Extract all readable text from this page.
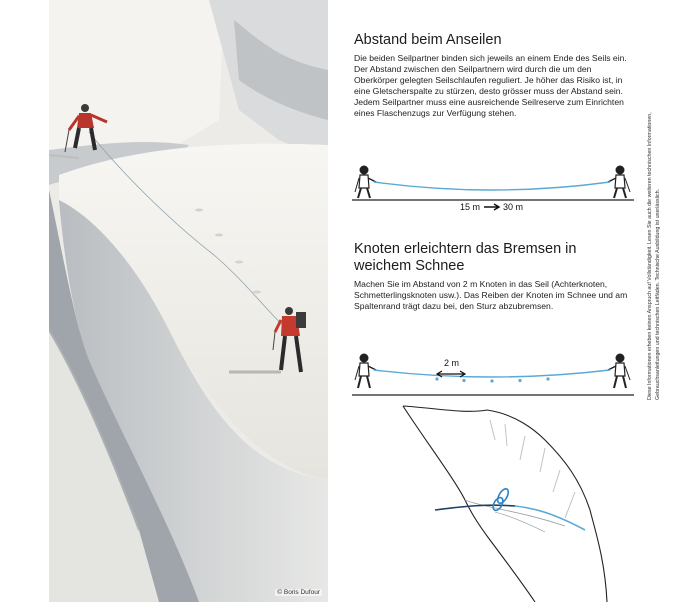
© Boris Dufour
Abstand beim Anseilen

Die beiden Seilpartner binden sich jeweils an einem Ende des Seils ein. Der Abstand zwischen den Seilpartnern wird durch die um den Oberkörper gelegten Seilschlaufen reguliert. Je höher das Risiko ist, in eine Gletscherspalte zu stürzen, desto grösser muss der Abstand sein. Jedem Seilpartner muss eine ausreichende Seilreserve zum Einrichten eines Flaschenzugs zur Verfügung stehen.

15 m	30 m
Knoten erleichtern das Bremsen in weichem Schnee

Machen Sie im Abstand von 2 m Knoten in das Seil (Achterknoten, Schmetterlingsknoten usw.). Das Reiben der Knoten im Schnee und am Spaltenrand trägt dazu bei, den Sturz abzubremsen.

2 m	Diese Informationen erheben keinen Anspruch auf Vollständigkeit. Lesen Sie auch die weiteren technischen Informationen, Gebrauchsanleitungen und technischen Leitfäden. Technische Ausbildung ist unerlässlich.
